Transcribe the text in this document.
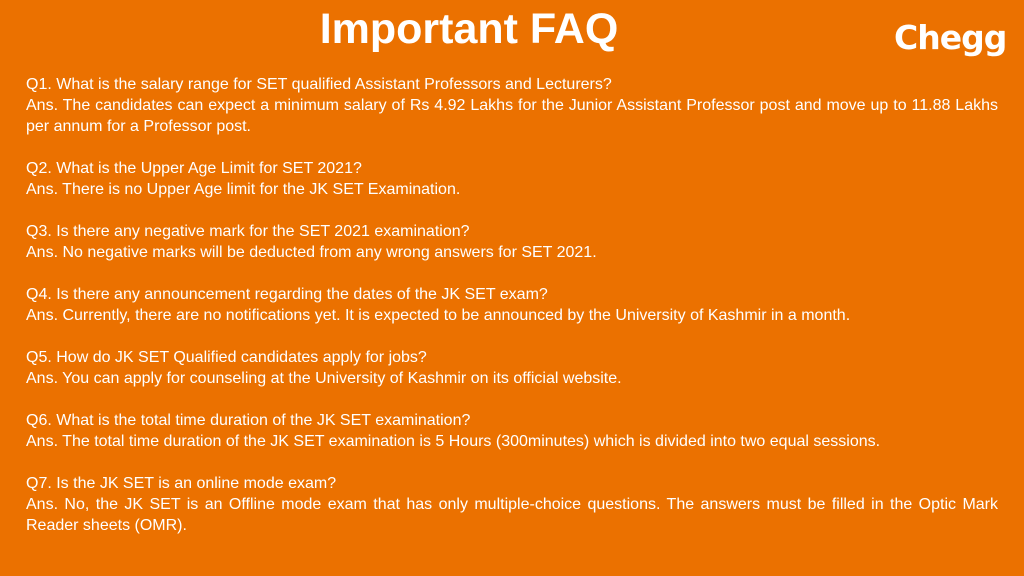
Important FAQ	Chegg
Q1. What is the salary range for SET qualified Assistant Professors and Lecturers?
Ans. The candidates can expect a minimum salary of Rs 4.92 Lakhs for the Junior Assistant Professor post and move up to 11.88 Lakhs per annum for a Professor post.
Q2. What is the Upper Age Limit for SET 2021?
Ans. There is no Upper Age limit for the JK SET Examination.
Q3. Is there any negative mark for the SET 2021 examination?
Ans. No negative marks will be deducted from any wrong answers for SET 2021.
Q4. Is there any announcement regarding the dates of the JK SET exam?
Ans. Currently, there are no notifications yet. It is expected to be announced by the University of Kashmir in a month.
Q5. How do JK SET Qualified candidates apply for jobs?
Ans. You can apply for counseling at the University of Kashmir on its official website.
Q6. What is the total time duration of the JK SET examination?
Ans. The total time duration of the JK SET examination is 5 Hours (300minutes) which is divided into two equal sessions.
Q7. Is the JK SET is an online mode exam?
Ans. No, the JK SET is an Offline mode exam that has only multiple-choice questions. The answers must be filled in the Optic Mark Reader sheets (OMR).
